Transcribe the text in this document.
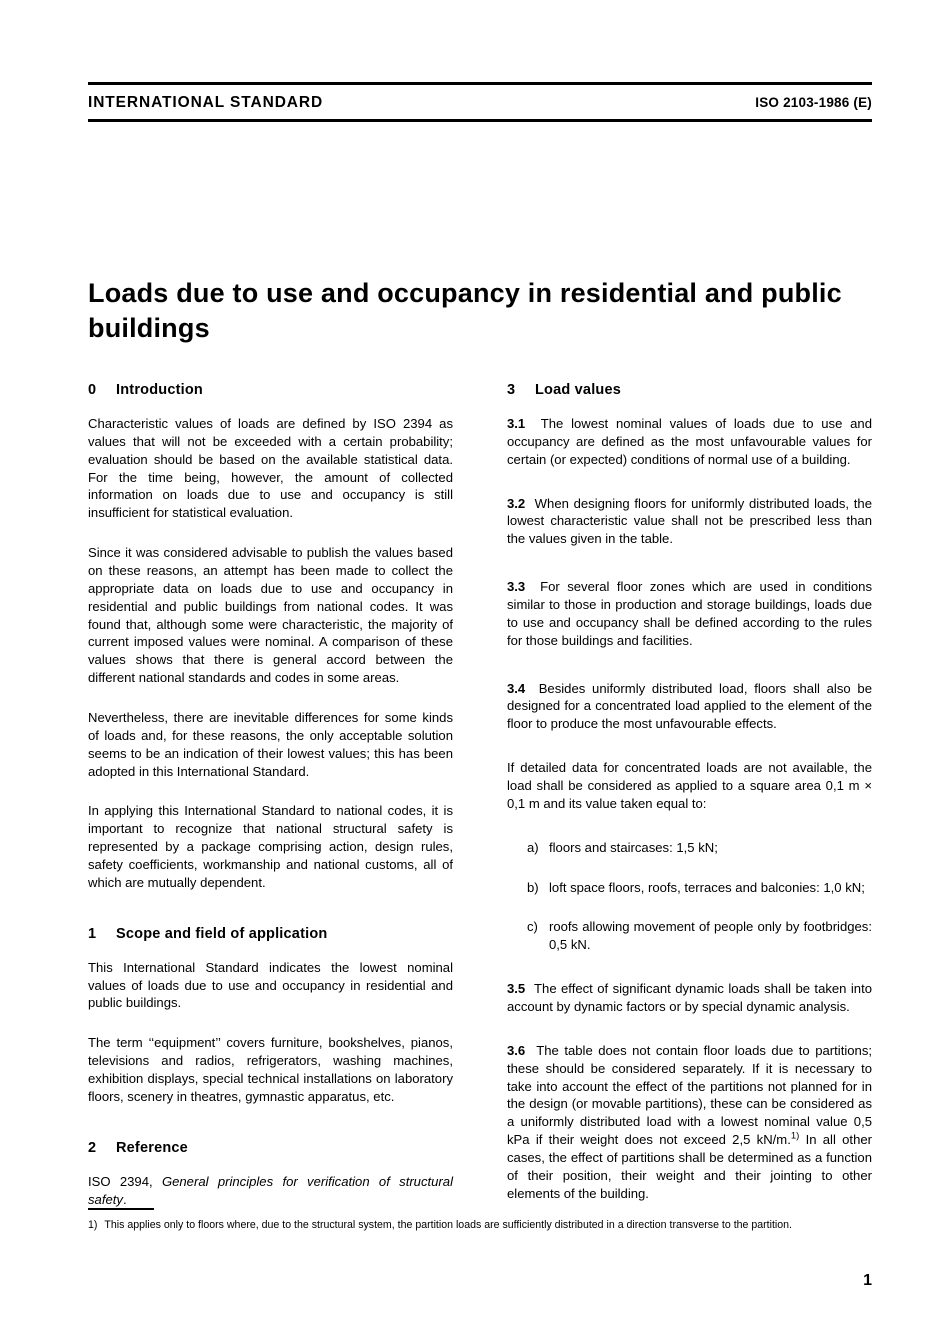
INTERNATIONAL STANDARD	ISO 2103-1986 (E)
Loads due to use and occupancy in residential and public buildings
0 Introduction

Characteristic values of loads are defined by ISO 2394 as values that will not be exceeded with a certain probability; evaluation should be based on the available statistical data. For the time being, however, the amount of collected information on loads due to use and occupancy is still insufficient for statistical evaluation.

Since it was considered advisable to publish the values based on these reasons, an attempt has been made to collect the appropriate data on loads due to use and occupancy in residential and public buildings from national codes. It was found that, although some were characteristic, the majority of current imposed values were nominal. A comparison of these values shows that there is general accord between the different national standards and codes in some areas.

Nevertheless, there are inevitable differences for some kinds of loads and, for these reasons, the only acceptable solution seems to be an indication of their lowest values; this has been adopted in this International Standard.

In applying this International Standard to national codes, it is important to recognize that national structural safety is represented by a package comprising action, design rules, safety coefficients, workmanship and national customs, all of which are mutually dependent.

1 Scope and field of application

This International Standard indicates the lowest nominal values of loads due to use and occupancy in residential and public buildings.

The term ‘‘equipment’’ covers furniture, bookshelves, pianos, televisions and radios, refrigerators, washing machines, exhibition displays, special technical installations on laboratory floors, scenery in theatres, gymnastic apparatus, etc.

2 Reference

ISO 2394, General principles for verification of structural safety.

3 Load values

3.1 The lowest nominal values of loads due to use and occupancy are defined as the most unfavourable values for certain (or expected) conditions of normal use of a building.

3.2 When designing floors for uniformly distributed loads, the lowest characteristic value shall not be prescribed less than the values given in the table.

3.3 For several floor zones which are used in conditions similar to those in production and storage buildings, loads due to use and occupancy shall be defined according to the rules for those buildings and facilities.

3.4 Besides uniformly distributed load, floors shall also be designed for a concentrated load applied to the element of the floor to produce the most unfavourable effects.

If detailed data for concentrated loads are not available, the load shall be considered as applied to a square area 0,1 m × 0,1 m and its value taken equal to:

a) floors and staircases: 1,5 kN;
b) loft space floors, roofs, terraces and balconies: 1,0 kN;
c) roofs allowing movement of people only by footbridges: 0,5 kN.

3.5 The effect of significant dynamic loads shall be taken into account by dynamic factors or by special dynamic analysis.

3.6 The table does not contain floor loads due to partitions; these should be considered separately. If it is necessary to take into account the effect of the partitions not planned for in the design (or movable partitions), these can be considered as a uniformly distributed load with a lowest nominal value 0,5 kPa if their weight does not exceed 2,5 kN/m.$^{1)}$ In all other cases, the effect of partitions shall be determined as a function of their position, their weight and their jointing to other elements of the building.

1) This applies only to floors where, due to the structural system, the partition loads are sufficiently distributed in a direction transverse to the partition.
1
